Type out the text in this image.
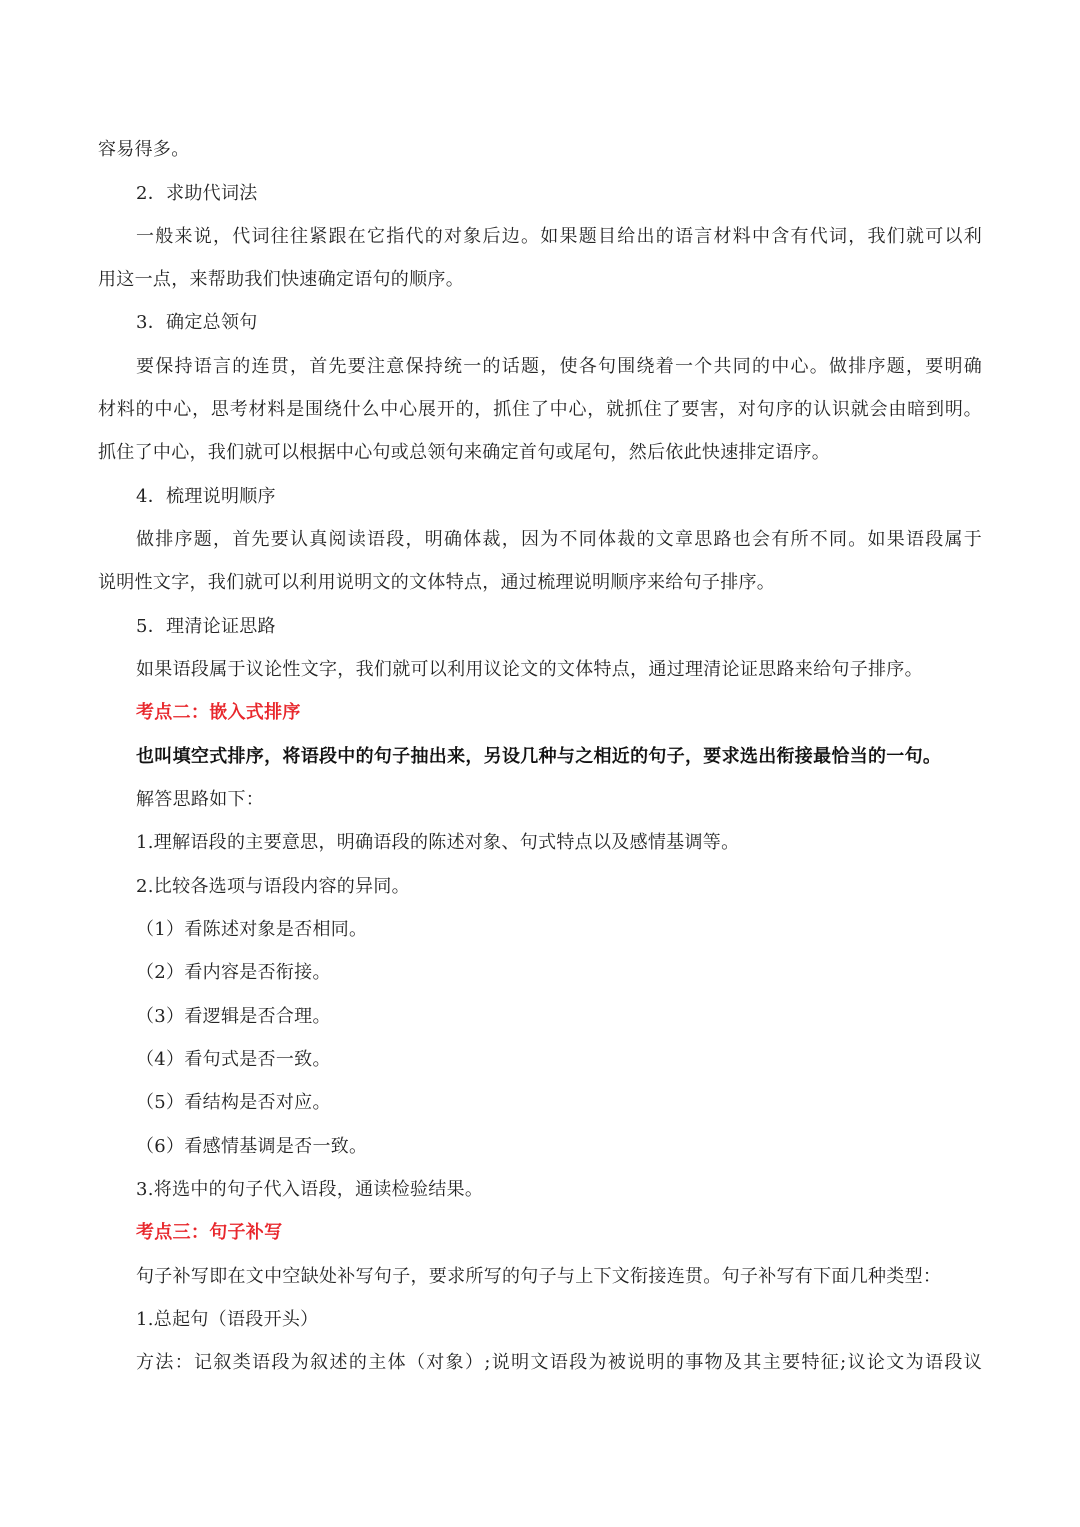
容易得多。
2．求助代词法
一般来说，代词往往紧跟在它指代的对象后边。如果题目给出的语言材料中含有代词，我们就可以利
用这一点，来帮助我们快速确定语句的顺序。
3．确定总领句
要保持语言的连贯，首先要注意保持统一的话题，使各句围绕着一个共同的中心。做排序题，要明确
材料的中心，思考材料是围绕什么中心展开的，抓住了中心，就抓住了要害，对句序的认识就会由暗到明。
抓住了中心，我们就可以根据中心句或总领句来确定首句或尾句，然后依此快速排定语序。
4．梳理说明顺序
做排序题，首先要认真阅读语段，明确体裁，因为不同体裁的文章思路也会有所不同。如果语段属于
说明性文字，我们就可以利用说明文的文体特点，通过梳理说明顺序来给句子排序。
5．理清论证思路
如果语段属于议论性文字，我们就可以利用议论文的文体特点，通过理清论证思路来给句子排序。
考点二：嵌入式排序
也叫填空式排序，将语段中的句子抽出来，另设几种与之相近的句子，要求选出衔接最恰当的一句。
解答思路如下：
1.理解语段的主要意思，明确语段的陈述对象、句式特点以及感情基调等。
2.比较各选项与语段内容的异同。
（1）看陈述对象是否相同。
（2）看内容是否衔接。
（3）看逻辑是否合理。
（4）看句式是否一致。
（5）看结构是否对应。
（6）看感情基调是否一致。
3.将选中的句子代入语段，通读检验结果。
考点三：句子补写
句子补写即在文中空缺处补写句子，要求所写的句子与上下文衔接连贯。句子补写有下面几种类型：
1.总起句（语段开头）
方法：记叙类语段为叙述的主体（对象）;说明文语段为被说明的事物及其主要特征;议论文为语段议
